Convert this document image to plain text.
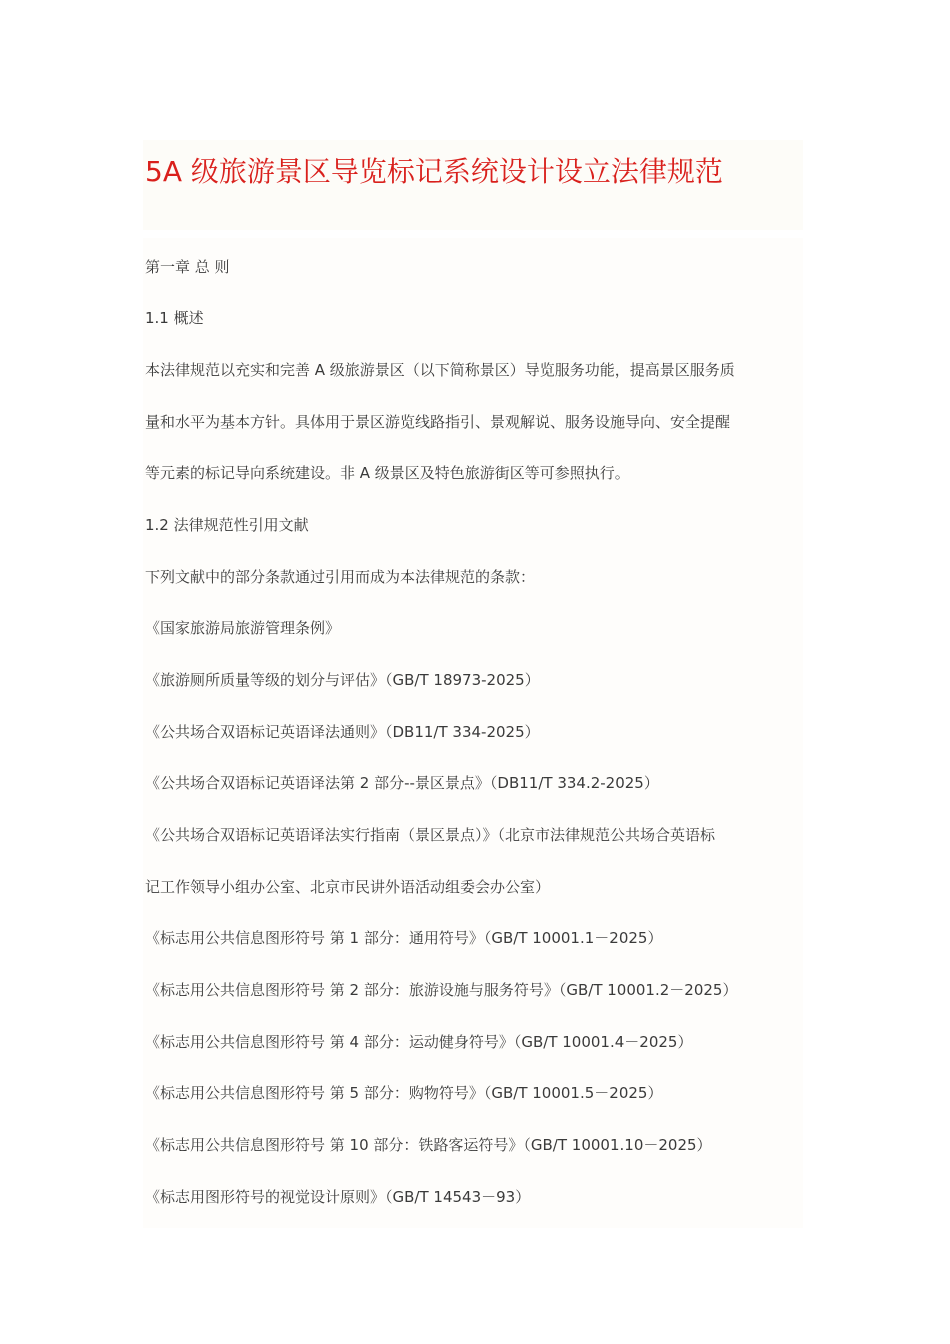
5A 级旅游景区导览标记系统设计设立法律规范
第一章 总 则
1.1 概述
本法律规范以充实和完善 A 级旅游景区（以下简称景区）导览服务功能，提高景区服务质
量和水平为基本方针。具体用于景区游览线路指引、景观解说、服务设施导向、安全提醒
等元素的标记导向系统建设。非 A 级景区及特色旅游街区等可参照执行。
1.2 法律规范性引用文献
下列文献中的部分条款通过引用而成为本法律规范的条款：
《国家旅游局旅游管理条例》
《旅游厕所质量等级的划分与评估》（GB/T 18973-2025）
《公共场合双语标记英语译法通则》（DB11/T 334-2025）
《公共场合双语标记英语译法第 2 部分--景区景点》（DB11/T 334.2-2025）
《公共场合双语标记英语译法实行指南（景区景点）》（北京市法律规范公共场合英语标
记工作领导小组办公室、北京市民讲外语活动组委会办公室）
《标志用公共信息图形符号 第 1 部分：通用符号》（GB/T 10001.1－2025）
《标志用公共信息图形符号 第 2 部分：旅游设施与服务符号》（GB/T 10001.2－2025）
《标志用公共信息图形符号 第 4 部分：运动健身符号》（GB/T 10001.4－2025）
《标志用公共信息图形符号 第 5 部分：购物符号》（GB/T 10001.5－2025）
《标志用公共信息图形符号 第 10 部分：铁路客运符号》（GB/T 10001.10－2025）
《标志用图形符号的视觉设计原则》（GB/T 14543－93）
